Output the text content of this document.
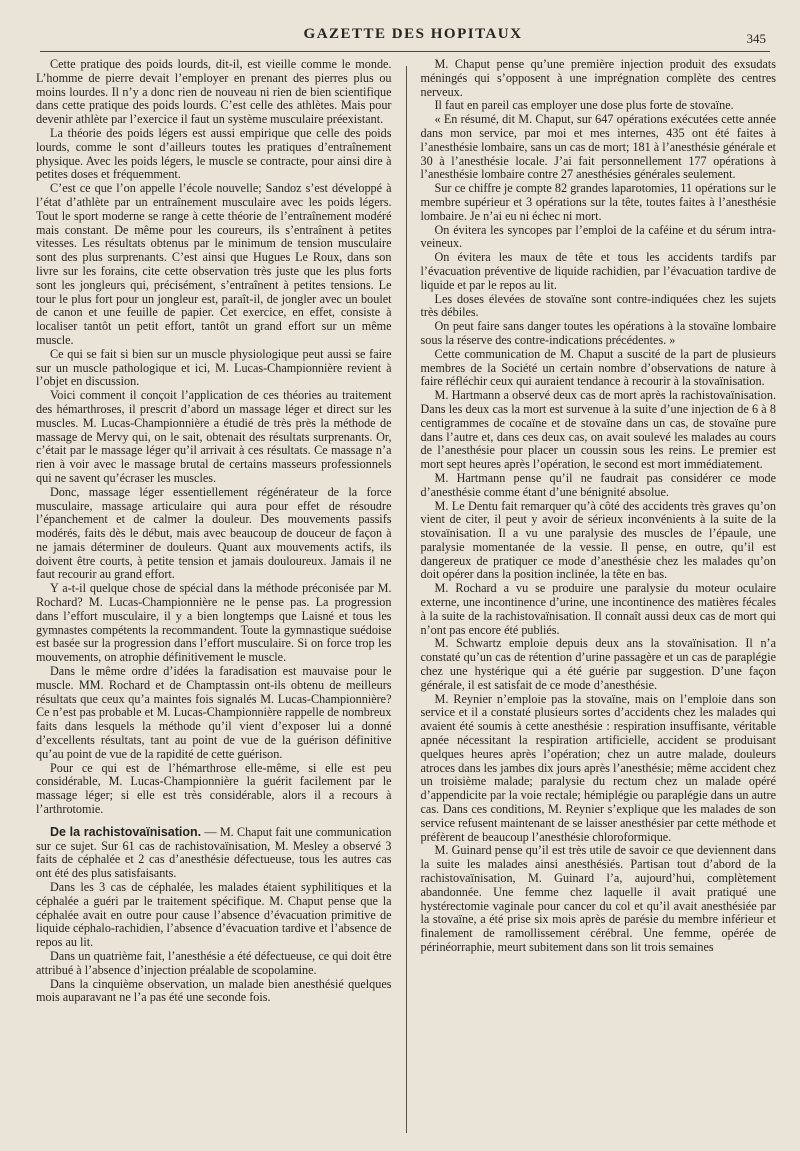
GAZETTE DES HOPITAUX	345

Cette pratique des poids lourds, dit-il, est vieille comme le monde. L’homme de pierre devait l’employer en prenant des pierres plus ou moins lourdes. Il n’y a donc rien de nouveau ni rien de bien scientifique dans cette pratique des poids lourds. C’est celle des athlètes. Mais pour devenir athlète par l’exercice il faut un système musculaire préexistant.

La théorie des poids légers est aussi empirique que celle des poids lourds, comme le sont d’ailleurs toutes les pratiques d’entraînement physique. Avec les poids légers, le muscle se contracte, pour ainsi dire à petites doses et fréquemment.

C’est ce que l’on appelle l’école nouvelle; Sandoz s’est développé à l’état d’athlète par un entraînement musculaire avec les poids légers. Tout le sport moderne se range à cette théorie de l’entraînement modéré mais constant. De même pour les coureurs, ils s’entraînent à petites vitesses. Les résultats obtenus par le minimum de tension musculaire sont des plus surprenants. C’est ainsi que Hugues Le Roux, dans son livre sur les forains, cite cette observation très juste que les plus forts sont les jongleurs qui, précisément, s’entraînent à petites tensions. Le tour le plus fort pour un jongleur est, paraît-il, de jongler avec un boulet de canon et une feuille de papier. Cet exercice, en effet, consiste à localiser tantôt un petit effort, tantôt un grand effort sur un même muscle.

Ce qui se fait si bien sur un muscle physiologique peut aussi se faire sur un muscle pathologique et ici, M. Lucas-Championnière revient à l’objet en discussion.

Voici comment il conçoit l’application de ces théories au traitement des hémarthroses, il prescrit d’abord un massage léger et direct sur les muscles. M. Lucas-Championnière a étudié de très près la méthode de massage de Mervy qui, on le sait, obtenait des résultats surprenants. Or, c’était par le massage léger qu’il arrivait à ces résultats. Ce massage n’a rien à voir avec le massage brutal de certains masseurs professionnels qui ne savent qu’écraser les muscles.

Donc, massage léger essentiellement régénérateur de la force musculaire, massage articulaire qui aura pour effet de résoudre l’épanchement et de calmer la douleur. Des mouvements passifs modérés, faits dès le début, mais avec beaucoup de douceur de façon à ne jamais déterminer de douleurs. Quant aux mouvements actifs, ils doivent être courts, à petite tension et jamais douloureux. Jamais il ne faut recourir au grand effort.

Y a-t-il quelque chose de spécial dans la méthode préconisée par M. Rochard? M. Lucas-Championnière ne le pense pas. La progression dans l’effort musculaire, il y a bien longtemps que Laisné et tous les gymnastes compétents la recommandent. Toute la gymnastique suédoise est basée sur la progression dans l’effort musculaire. Si on force trop les mouvements, on atrophie définitivement le muscle.

Dans le même ordre d’idées la faradisation est mauvaise pour le muscle. MM. Rochard et de Champtassin ont-ils obtenu de meilleurs résultats que ceux qu’a maintes fois signalés M. Lucas-Championnière? Ce n’est pas probable et M. Lucas-Championnière rappelle de nombreux faits dans lesquels la méthode qu’il vient d’exposer lui a donné d’excellents résultats, tant au point de vue de la guérison définitive qu’au point de vue de la rapidité de cette guérison.

Pour ce qui est de l’hémarthrose elle-même, si elle est peu considérable, M. Lucas-Championnière la guérit facilement par le massage léger; si elle est très considérable, alors il a recours à l’arthrotomie.

De la rachistovaïnisation. — M. Chaput fait une communication sur ce sujet. Sur 61 cas de rachistovaïnisation, M. Mesley a observé 3 faits de céphalée et 2 cas d’anesthésie défectueuse, tous les autres cas ont été des plus satisfaisants.

Dans les 3 cas de céphalée, les malades étaient syphilitiques et la céphalée a guéri par le traitement spécifique. M. Chaput pense que la céphalée avait en outre pour cause l’absence d’évacuation primitive de liquide céphalo-rachidien, l’absence d’évacuation tardive et l’absence de repos au lit.

Dans un quatrième fait, l’anesthésie a été défectueuse, ce qui doit être attribué à l’absence d’injection préalable de scopolamine.

Dans la cinquième observation, un malade bien anesthésié quelques mois auparavant ne l’a pas été une seconde fois.

M. Chaput pense qu’une première injection produit des exsudats méningés qui s’opposent à une imprégnation complète des centres nerveux.

Il faut en pareil cas employer une dose plus forte de stovaïne.

« En résumé, dit M. Chaput, sur 647 opérations exécutées cette année dans mon service, par moi et mes internes, 435 ont été faites à l’anesthésie lombaire, sans un cas de mort; 181 à l’anesthésie générale et 30 à l’anesthésie locale. J’ai fait personnellement 177 opérations à l’anesthésie lombaire contre 27 anesthésies générales seulement.

Sur ce chiffre je compte 82 grandes laparotomies, 11 opérations sur le membre supérieur et 3 opérations sur la tête, toutes faites à l’anesthésie lombaire. Je n’ai eu ni échec ni mort.

On évitera les syncopes par l’emploi de la caféine et du sérum intra-veineux.

On évitera les maux de tête et tous les accidents tardifs par l’évacuation préventive de liquide rachidien, par l’évacuation tardive de liquide et par le repos au lit.

Les doses élevées de stovaïne sont contre-indiquées chez les sujets très débiles.

On peut faire sans danger toutes les opérations à la stovaïne lombaire sous la réserve des contre-indications précédentes. »

Cette communication de M. Chaput a suscité de la part de plusieurs membres de la Société un certain nombre d’observations de nature à faire réfléchir ceux qui auraient tendance à recourir à la stovaïnisation.

M. Hartmann a observé deux cas de mort après la rachistovaïnisation. Dans les deux cas la mort est survenue à la suite d’une injection de 6 à 8 centigrammes de cocaïne et de stovaïne dans un cas, de stovaïne pure dans l’autre et, dans ces deux cas, on avait soulevé les malades au cours de l’anesthésie pour placer un coussin sous les reins. Le premier est mort sept heures après l’opération, le second est mort immédiatement.

M. Hartmann pense qu’il ne faudrait pas considérer ce mode d’anesthésie comme étant d’une bénignité absolue.

M. Le Dentu fait remarquer qu’à côté des accidents très graves qu’on vient de citer, il peut y avoir de sérieux inconvénients à la suite de la stovaïnisation. Il a vu une paralysie des muscles de l’épaule, une paralysie momentanée de la vessie. Il pense, en outre, qu’il est dangereux de pratiquer ce mode d’anesthésie chez les malades qu’on doit opérer dans la position inclinée, la tête en bas.

M. Rochard a vu se produire une paralysie du moteur oculaire externe, une incontinence d’urine, une incontinence des matières fécales à la suite de la rachistovaïnisation. Il connaît aussi deux cas de mort qui n’ont pas encore été publiés.

M. Schwartz emploie depuis deux ans la stovaïnisation. Il n’a constaté qu’un cas de rétention d’urine passagère et un cas de paraplégie chez une hystérique qui a été guérie par suggestion. D’une façon générale, il est satisfait de ce mode d’anesthésie.

M. Reynier n’emploie pas la stovaïne, mais on l’emploie dans son service et il a constaté plusieurs sortes d’accidents chez les malades qui avaient été soumis à cette anesthésie : respiration insuffisante, véritable apnée nécessitant la respiration artificielle, accident se produisant quelques heures après l’opération; chez un autre malade, douleurs atroces dans les jambes dix jours après l’anesthésie; même accident chez un troisième malade; paralysie du rectum chez un malade opéré d’appendicite par la voie rectale; hémiplégie ou paraplégie dans un autre cas. Dans ces conditions, M. Reynier s’explique que les malades de son service refusent maintenant de se laisser anesthésier par cette méthode et préfèrent de beaucoup l’anesthésie chloroformique.

M. Guinard pense qu’il est très utile de savoir ce que deviennent dans la suite les malades ainsi anesthésiés. Partisan tout d’abord de la rachistovaïnisation, M. Guinard l’a, aujourd’hui, complètement abandonnée. Une femme chez laquelle il avait pratiqué une hystérectomie vaginale pour cancer du col et qu’il avait anesthésiée par la stovaïne, a été prise six mois après de parésie du membre inférieur et finalement de ramollissement cérébral. Une femme, opérée de périnéorraphie, meurt subitement dans son lit trois semaines
